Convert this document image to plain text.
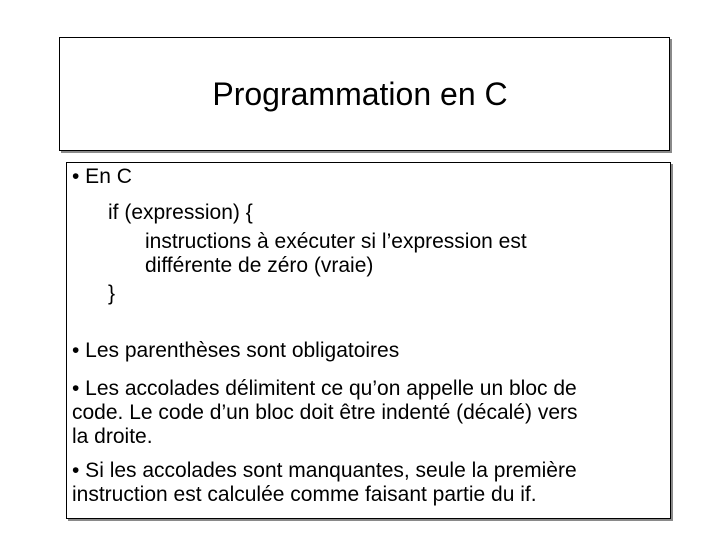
Programmation en C
• En C
if (expression) {
instructions à exécuter si l’expression est
différente de zéro (vraie)
}
• Les parenthèses sont obligatoires
• Les accolades délimitent ce qu’on appelle un bloc de
code. Le code d’un bloc doit être indenté (décalé) vers
la droite.
• Si les accolades sont manquantes, seule la première
instruction est calculée comme faisant partie du if.
